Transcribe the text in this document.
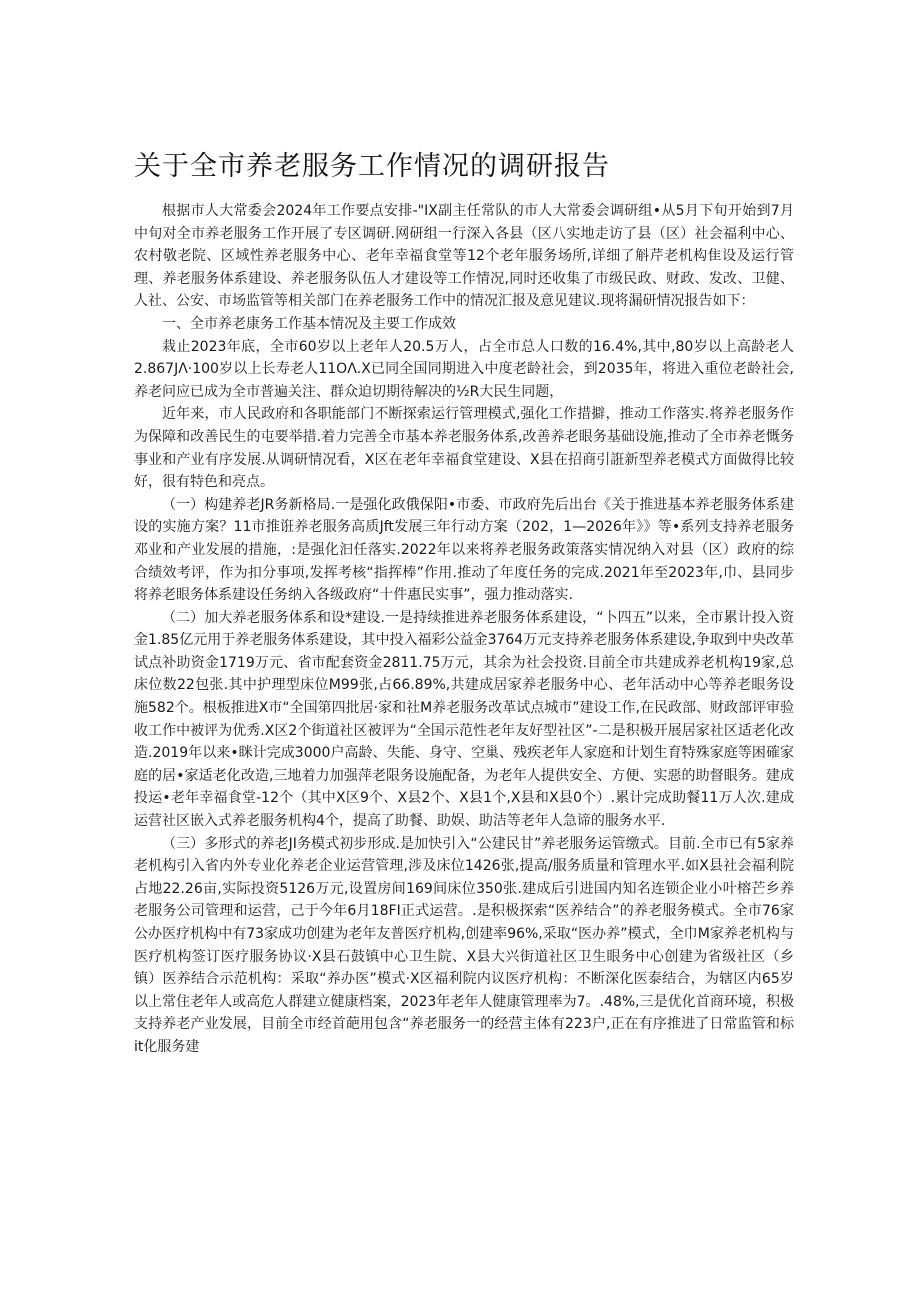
关于全市养老服务工作情况的调研报告

根据市人大常委会2024年工作要点安排-"IX副主任常队的市人大常委会调研组•从5月下旬开始到7月中旬对全市养老服务工作开展了专区调研.网研组一行深入各县（区八实地走访了县（区）社会福利中心、农村敬老院、区域性养老服务中心、老年幸福食堂等12个老年服务场所,详细了斛芹老机构隹设及运行管理、养老服务体系建设、养老服务队伍人才建设等工作情况,同时还收集了市级民政、财政、发改、卫健、人社、公安、市场监管等相关部门在养老服务工作中的情况汇报及意见建议.现将漏研情况报告如下：

一、全市养老康务工作基本情况及主要工作成效

栽止2023年底，全市60岁以上老年人20.5万人，占全市总人口数的16.4%,其中,80岁以上高龄老人2.867JΛ·100岁以上长寿老人11OΛ.X已同全国同期进入中度老龄社会，到2035年，将进入重位老龄社会,养老问应已成为全市普遍关注、群众迫切期待解决的½R大民生同题，

近年来，市人民政府和各职能部门不断探索运行管理模式,强化工作措擗，推动工作落实.将养老服务作为保障和改善民生的屯要举措.着力完善全市基本养老服务体系,改善养老眼务基础设施,推动了全市养老慨务事业和产业有序发展.从调研情况看，X区在老年幸福食堂建设、X县在招商引誑新型养老模式方面做得比较好，很有特色和亮点。

（一）构建养老JR务新格局.一是强化政俄保阳•市委、市政府先后出台《关于推进基本养老服务体系建设的实施方案？11市推诳养老服务高质Jft发展三年行动方案（202，1—2026年》》等•系列支持养老服务邓业和产业发展的措施，:是强化汩任落实.2022年以来将养老服务政策落实情况纳入对县（区）政府的综合绩效考评，作为扣分事项,发挥考核“指挥棒”作用.推动了年度任务的完成.2021年至2023年,巾、县同步将养老眼务体系建设任务纳入各级政府“十件惠民实事”，强力推动落实.

（二）加大养老服务体系和设*建设.一是持续推进养老服务体系建设，“卜四五”以来，全市累计投入资金1.85亿元用于养老服务体系建设，其中投入福彩公益金3764万元支持养老服务体系建设,争取到中央改革试点补助资金1719万元、省市配套资金2811.75万元，其余为社会投资.目前全市共建成养老机构19家,总床位数22包张.其中护理型床位M99张,占66.89%,共建成居家养老服务中心、老年活动中心等养老眼务设施582个。根板推进X市“全国第四批居·家和社M养老服务改革试点城市”建设工作,在民政部、财政部评审验收工作中被评为优秀.X区2个街道社区被评为“全国示范性老年友好型社区”-二是积极开展居家社区适老化改造.2019年以来•眯计完成3000户高龄、失能、身守、空巢、残疾老年人家庭和计划生育特殊家庭等困確家庭的居•家适老化改造,三地着力加强萍老限务设施配备，为老年人提供安全、方便、实惡的助督眼务。建成投运•老年幸福食堂-12个（其中X区9个、X县2个、X县1个,X县和X县0个）.累计完成助餐11万人次.建成运营社区嵌入式养老服务机构4个，提高了助餐、助娱、助洁等老年人急谛的服务水平.

（三）多形式的养老JI务模式初步形成.是加快引入“公建民甘”养老服务运管缴式。目前.全市已有5家养老机构引入省内外专业化养老企业运营管理,涉及床位1426张,提高/服务质量和管理水平.如X县社会福利院占地22.26亩,实际投资5126万元,设置房间169间床位350张.建成后引进国内知名连锁企业小叶榕芒乡养老服务公司管理和运营，己于今年6月18FI正式运营。.是积极探索“医养结合”的养老服务模式。全市76家公办医疗机构中有73家成功创建为老年友普医疗机构,创建率96%,采取“医办养”模式，全巾M家养老机构与医疗机构签订医疗服务协议·X县石鼓镇中心卫生院、X县大兴街道社区卫生眼务中心创建为省级社区（乡镇）医养结合示范机构：采取“养办医”模式·X区福利院内议医疗机构：不断深化医泰结合，为辖区内65岁以上常住老年人或高危人群建立健康档案，2023年老年人健康管理率为7。.48%,三是优化首商环境，积极支持养老产业发展，目前全市经首葩用包含“养老服务一的经营主体有223户,正在有序推进了日常监管和标it化服务建
